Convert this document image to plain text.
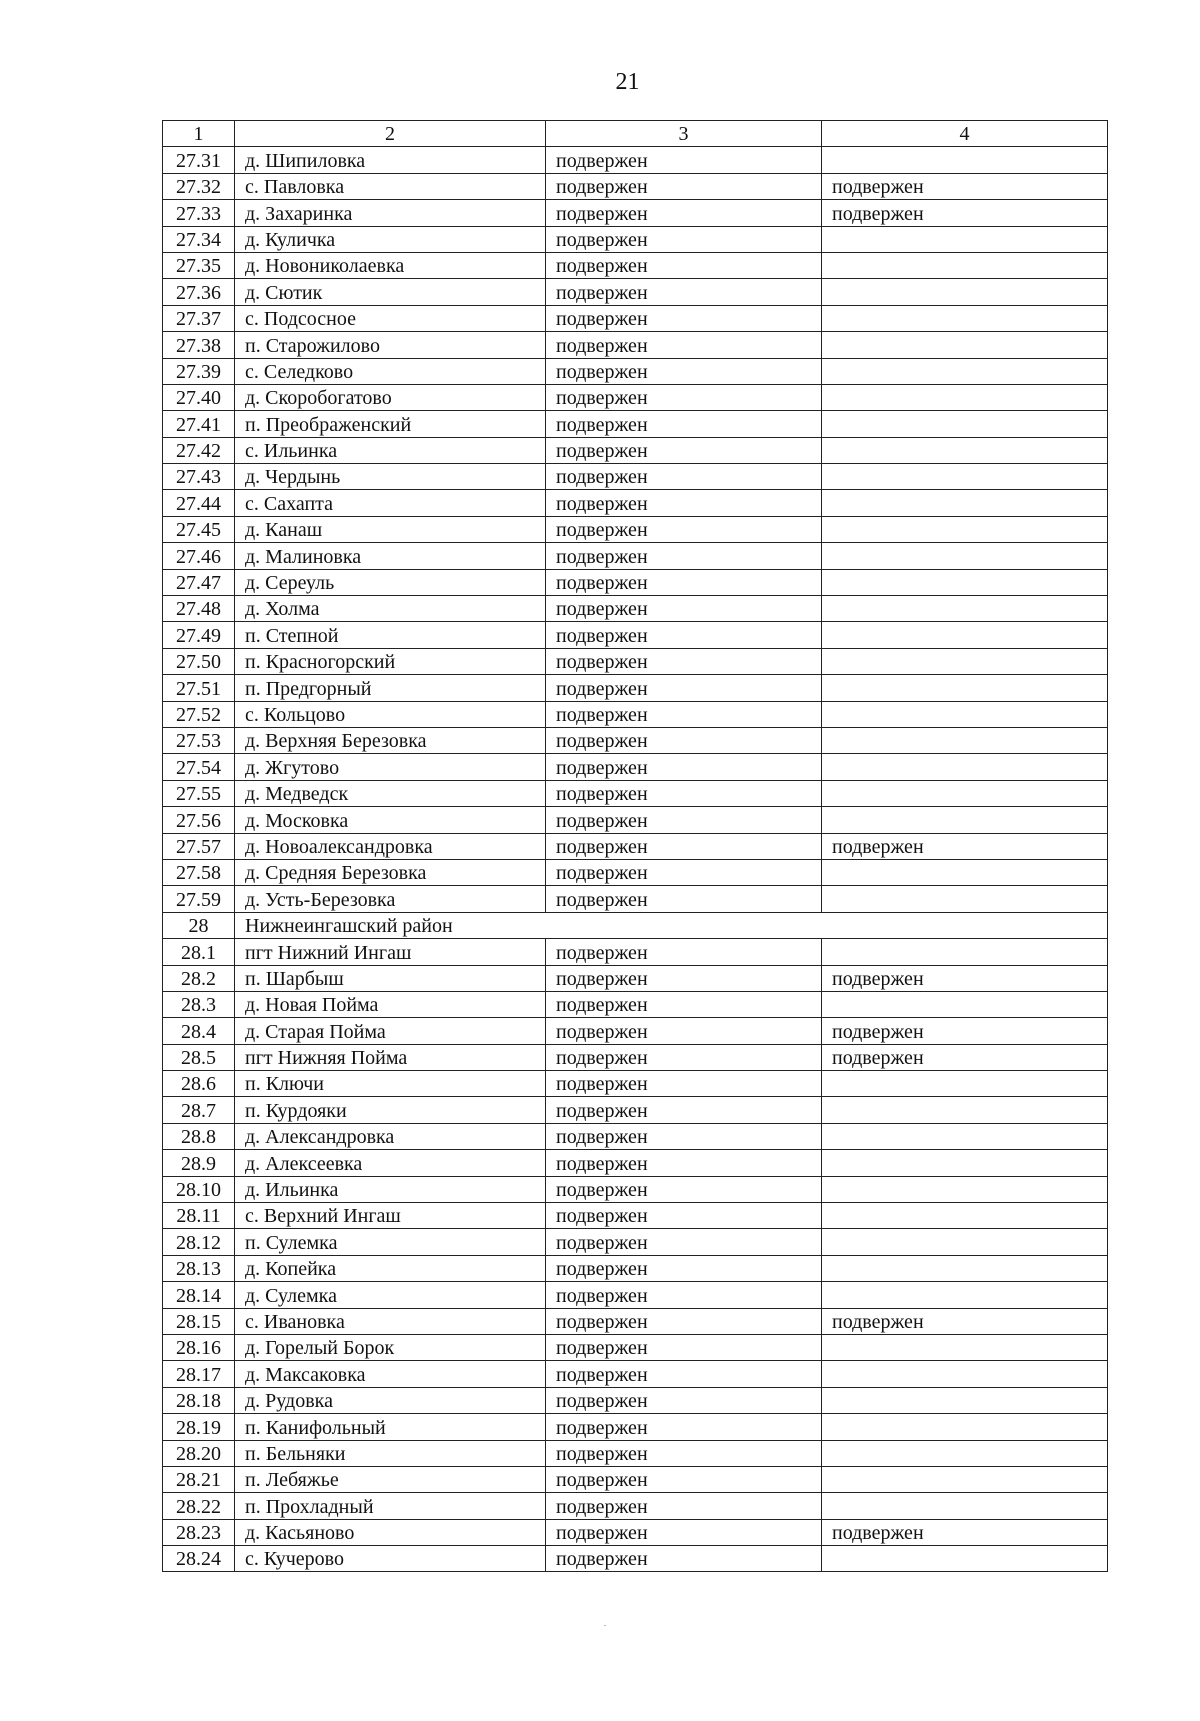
21
1	2	3	4
27.31	д. Шипиловка	подвержен	
27.32	с. Павловка	подвержен	подвержен
27.33	д. Захаринка	подвержен	подвержен
27.34	д. Куличка	подвержен	
27.35	д. Новониколаевка	подвержен	
27.36	д. Сютик	подвержен	
27.37	с. Подсосное	подвержен	
27.38	п. Старожилово	подвержен	
27.39	с. Селедково	подвержен	
27.40	д. Скоробогатово	подвержен	
27.41	п. Преображенский	подвержен	
27.42	с. Ильинка	подвержен	
27.43	д. Чердынь	подвержен	
27.44	с. Сахапта	подвержен	
27.45	д. Канаш	подвержен	
27.46	д. Малиновка	подвержен	
27.47	д. Сереуль	подвержен	
27.48	д. Холма	подвержен	
27.49	п. Степной	подвержен	
27.50	п. Красногорский	подвержен	
27.51	п. Предгорный	подвержен	
27.52	с. Кольцово	подвержен	
27.53	д. Верхняя Березовка	подвержен	
27.54	д. Жгутово	подвержен	
27.55	д. Медведск	подвержен	
27.56	д. Московка	подвержен	
27.57	д. Новоалександровка	подвержен	подвержен
27.58	д. Средняя Березовка	подвержен	
27.59	д. Усть-Березовка	подвержен	
28	Нижнеингашский район		
28.1	пгт Нижний Ингаш	подвержен	
28.2	п. Шарбыш	подвержен	подвержен
28.3	д. Новая Пойма	подвержен	
28.4	д. Старая Пойма	подвержен	подвержен
28.5	пгт Нижняя Пойма	подвержен	подвержен
28.6	п. Ключи	подвержен	
28.7	п. Курдояки	подвержен	
28.8	д. Александровка	подвержен	
28.9	д. Алексеевка	подвержен	
28.10	д. Ильинка	подвержен	
28.11	с. Верхний Ингаш	подвержен	
28.12	п. Сулемка	подвержен	
28.13	д. Копейка	подвержен	
28.14	д. Сулемка	подвержен	
28.15	с. Ивановка	подвержен	подвержен
28.16	д. Горелый Борок	подвержен	
28.17	д. Максаковка	подвержен	
28.18	д. Рудовка	подвержен	
28.19	п. Канифольный	подвержен	
28.20	п. Бельняки	подвержен	
28.21	п. Лебяжье	подвержен	
28.22	п. Прохладный	подвержен	
28.23	д. Касьяново	подвержен	подвержен
28.24	с. Кучерово	подвержен	
